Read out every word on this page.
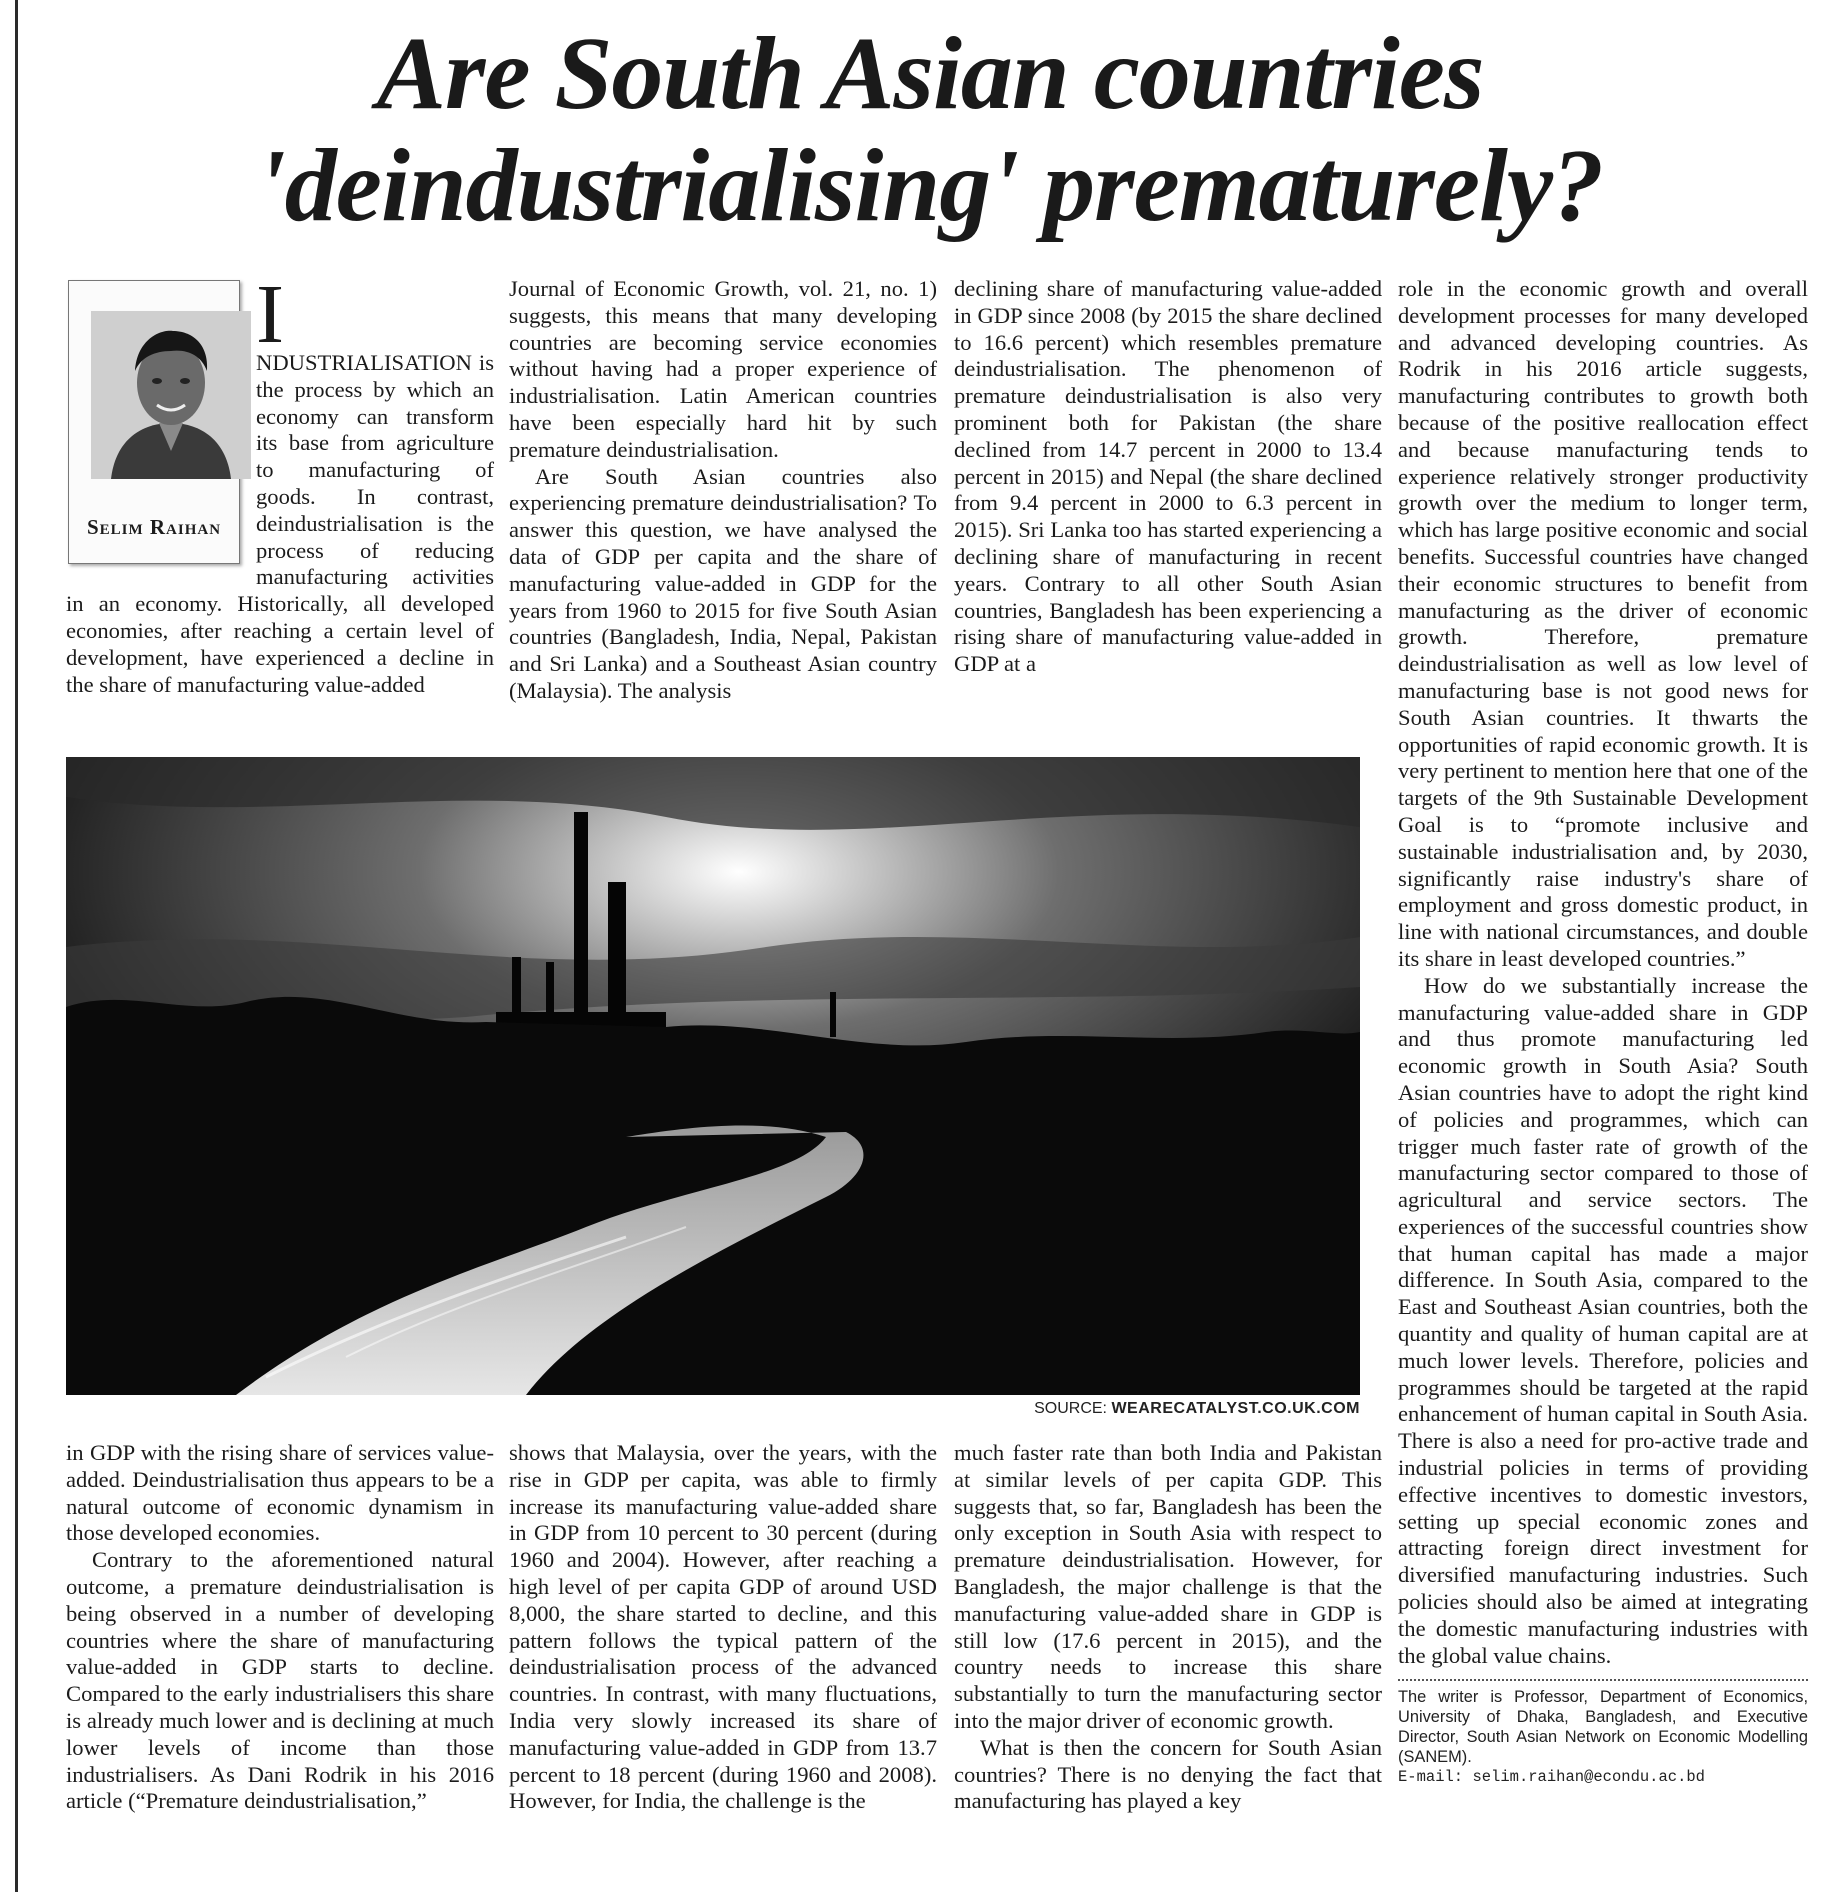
Are South Asian countries
'deindustrialising' prematurely?
Selim Raihan
I
NDUSTRIALISATION is the process by which an economy can transform its base from agriculture to manufacturing of goods. In contrast, deindustrialisation is the process of reducing manufacturing activities in an economy. Historically, all developed economies, after reaching a certain level of development, have experienced a decline in the share of manufacturing value-added

Journal of Economic Growth, vol. 21, no. 1) suggests, this means that many developing countries are becoming service economies without having had a proper experience of industrialisation. Latin American countries have been especially hard hit by such premature deindustrialisation.

Are South Asian countries also experiencing premature deindustrialisation? To answer this question, we have analysed the data of GDP per capita and the share of manufacturing value-added in GDP for the years from 1960 to 2015 for five South Asian countries (Bangladesh, India, Nepal, Pakistan and Sri Lanka) and a Southeast Asian country (Malaysia). The analysis

declining share of manufacturing value-added in GDP since 2008 (by 2015 the share declined to 16.6 percent) which resembles premature deindustrialisation. The phenomenon of premature deindustrialisation is also very prominent both for Pakistan (the share declined from 14.7 percent in 2000 to 13.4 percent in 2015) and Nepal (the share declined from 9.4 percent in 2000 to 6.3 percent in 2015). Sri Lanka too has started experiencing a declining share of manufacturing in recent years. Contrary to all other South Asian countries, Bangladesh has been experiencing a rising share of manufacturing value-added in GDP at a

role in the economic growth and overall development processes for many developed and advanced developing countries. As Rodrik in his 2016 article suggests, manufacturing contributes to growth both because of the positive reallocation effect and because manufacturing tends to experience relatively stronger productivity growth over the medium to longer term, which has large positive economic and social benefits. Successful countries have changed their economic structures to benefit from manufacturing as the driver of economic growth. Therefore, premature deindustrialisation as well as low level of manufacturing base is not good news for South Asian countries. It thwarts the opportunities of rapid economic growth. It is very pertinent to mention here that one of the targets of the 9th Sustainable Development Goal is to “promote inclusive and sustainable industrialisation and, by 2030, significantly raise industry's share of employment and gross domestic product, in line with national circumstances, and double its share in least developed countries.”

How do we substantially increase the manufacturing value-added share in GDP and thus promote manufacturing led economic growth in South Asia? South Asian countries have to adopt the right kind of policies and programmes, which can trigger much faster rate of growth of the manufacturing sector compared to those of agricultural and service sectors. The experiences of the successful countries show that human capital has made a major difference. In South Asia, compared to the East and Southeast Asian countries, both the quantity and quality of human capital are at much lower levels. Therefore, policies and programmes should be targeted at the rapid enhancement of human capital in South Asia. There is also a need for pro-active trade and industrial policies in terms of providing effective incentives to domestic investors, setting up special economic zones and attracting foreign direct investment for diversified manufacturing industries. Such policies should also be aimed at integrating the domestic manufacturing industries with the global value chains.

The writer is Professor, Department of Economics, University of Dhaka, Bangladesh, and Executive Director, South Asian Network on Economic Modelling (SANEM).
E-mail: selim.raihan@econdu.ac.bd
SOURCE: WEARECATALYST.CO.UK.COM

in GDP with the rising share of services value-added. Deindustrialisation thus appears to be a natural outcome of economic dynamism in those developed economies.

Contrary to the aforementioned natural outcome, a premature deindustrialisation is being observed in a number of developing countries where the share of manufacturing value-added in GDP starts to decline. Compared to the early industrialisers this share is already much lower and is declining at much lower levels of income than those industrialisers. As Dani Rodrik in his 2016 article (“Premature deindustrialisation,”

shows that Malaysia, over the years, with the rise in GDP per capita, was able to firmly increase its manufacturing value-added share in GDP from 10 percent to 30 percent (during 1960 and 2004). However, after reaching a high level of per capita GDP of around USD 8,000, the share started to decline, and this pattern follows the typical pattern of the deindustrialisation process of the advanced countries. In contrast, with many fluctuations, India very slowly increased its share of manufacturing value-added in GDP from 13.7 percent to 18 percent (during 1960 and 2008). However, for India, the challenge is the

much faster rate than both India and Pakistan at similar levels of per capita GDP. This suggests that, so far, Bangladesh has been the only exception in South Asia with respect to premature deindustrialisation. However, for Bangladesh, the major challenge is that the manufacturing value-added share in GDP is still low (17.6 percent in 2015), and the country needs to increase this share substantially to turn the manufacturing sector into the major driver of economic growth.

What is then the concern for South Asian countries? There is no denying the fact that manufacturing has played a key
